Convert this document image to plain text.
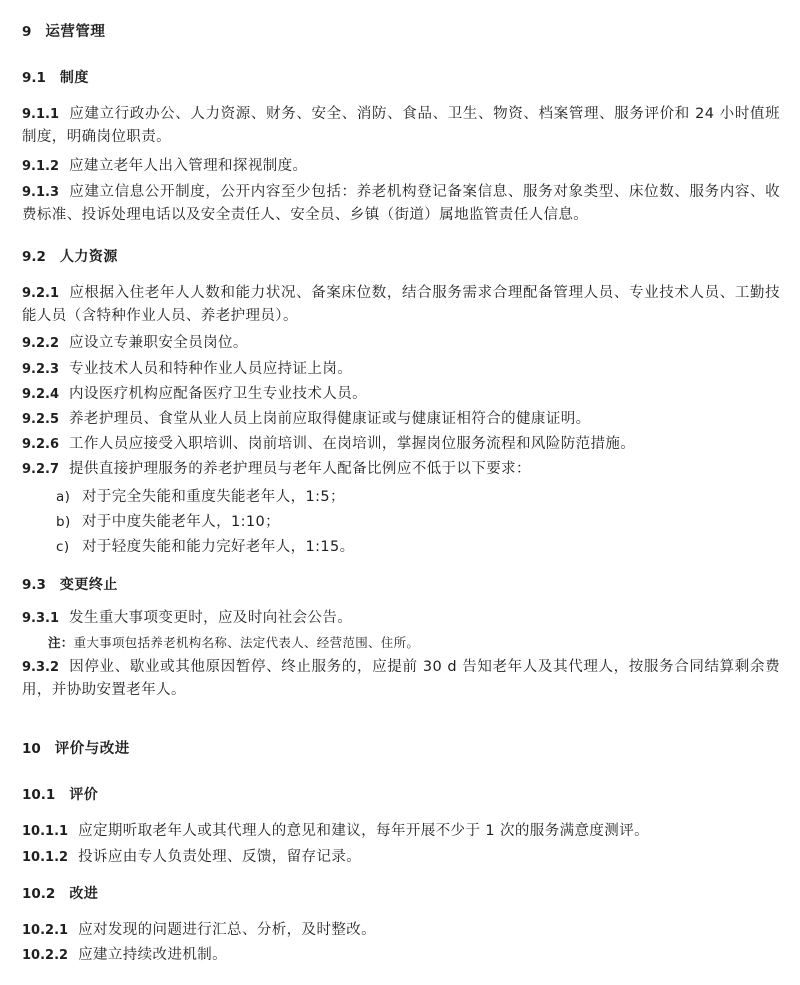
9 运营管理
9.1 制度
9.1.1 应建立行政办公、人力资源、财务、安全、消防、食品、卫生、物资、档案管理、服务评价和 24 小时值班制度，明确岗位职责。
9.1.2 应建立老年人出入管理和探视制度。
9.1.3 应建立信息公开制度，公开内容至少包括：养老机构登记备案信息、服务对象类型、床位数、服务内容、收费标准、投诉处理电话以及安全责任人、安全员、乡镇（街道）属地监管责任人信息。
9.2 人力资源
9.2.1 应根据入住老年人人数和能力状况、备案床位数，结合服务需求合理配备管理人员、专业技术人员、工勤技能人员（含特种作业人员、养老护理员）。
9.2.2 应设立专兼职安全员岗位。
9.2.3 专业技术人员和特种作业人员应持证上岗。
9.2.4 内设医疗机构应配备医疗卫生专业技术人员。
9.2.5 养老护理员、食堂从业人员上岗前应取得健康证或与健康证相符合的健康证明。
9.2.6 工作人员应接受入职培训、岗前培训、在岗培训，掌握岗位服务流程和风险防范措施。
9.2.7 提供直接护理服务的养老护理员与老年人配备比例应不低于以下要求：
a) 对于完全失能和重度失能老年人，1:5；
b) 对于中度失能老年人，1:10；
c) 对于轻度失能和能力完好老年人，1:15。
9.3 变更终止
9.3.1 发生重大事项变更时，应及时向社会公告。
注：重大事项包括养老机构名称、法定代表人、经营范围、住所。
9.3.2 因停业、歇业或其他原因暂停、终止服务的，应提前 30 d 告知老年人及其代理人，按服务合同结算剩余费用，并协助安置老年人。
10 评价与改进
10.1 评价
10.1.1 应定期听取老年人或其代理人的意见和建议，每年开展不少于 1 次的服务满意度测评。
10.1.2 投诉应由专人负责处理、反馈，留存记录。
10.2 改进
10.2.1 应对发现的问题进行汇总、分析，及时整改。
10.2.2 应建立持续改进机制。
